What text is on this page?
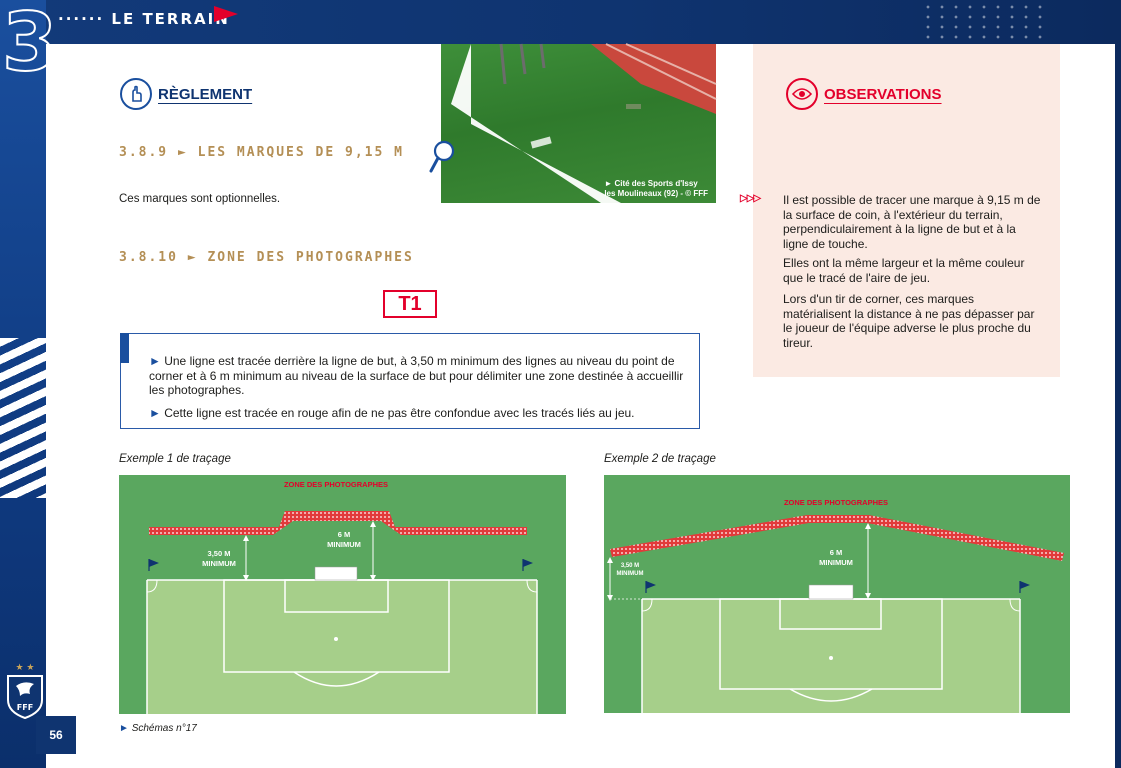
······ LE TERRAIN
3
★ ★
FFF
56
RÈGLEMENT
3.8.9 ► LES MARQUES DE 9,15 M
Ces marques sont optionnelles.
► Cité des Sports d'Issy
les Moulineaux (92) - © FFF
3.8.10 ► ZONE DES PHOTOGRAPHES
T1
► Une ligne est tracée derrière la ligne de but, à 3,50 m minimum des lignes au niveau du point de corner et à 6 m minimum au niveau de la surface de but pour délimiter une zone destinée à accueillir les photographes.
► Cette ligne est tracée en rouge afin de ne pas être confondue avec les tracés liés au jeu.
OBSERVATIONS
▷▷▷ Il est possible de tracer une marque à 9,15 m de la surface de coin, à l'extérieur du terrain, perpendiculairement à la ligne de but et à la ligne de touche.
Elles ont la même largeur et la même couleur que le tracé de l'aire de jeu.
Lors d'un tir de corner, ces marques matérialisent la distance à ne pas dépasser par le joueur de l'équipe adverse le plus proche du tireur.
Exemple 1 de traçage
ZONE DES PHOTOGRAPHES
3,50 M
MINIMUM
6 M
MINIMUM
Exemple 2 de traçage
ZONE DES PHOTOGRAPHES
3,50 M
MINIMUM
6 M
MINIMUM
► Schémas n°17
